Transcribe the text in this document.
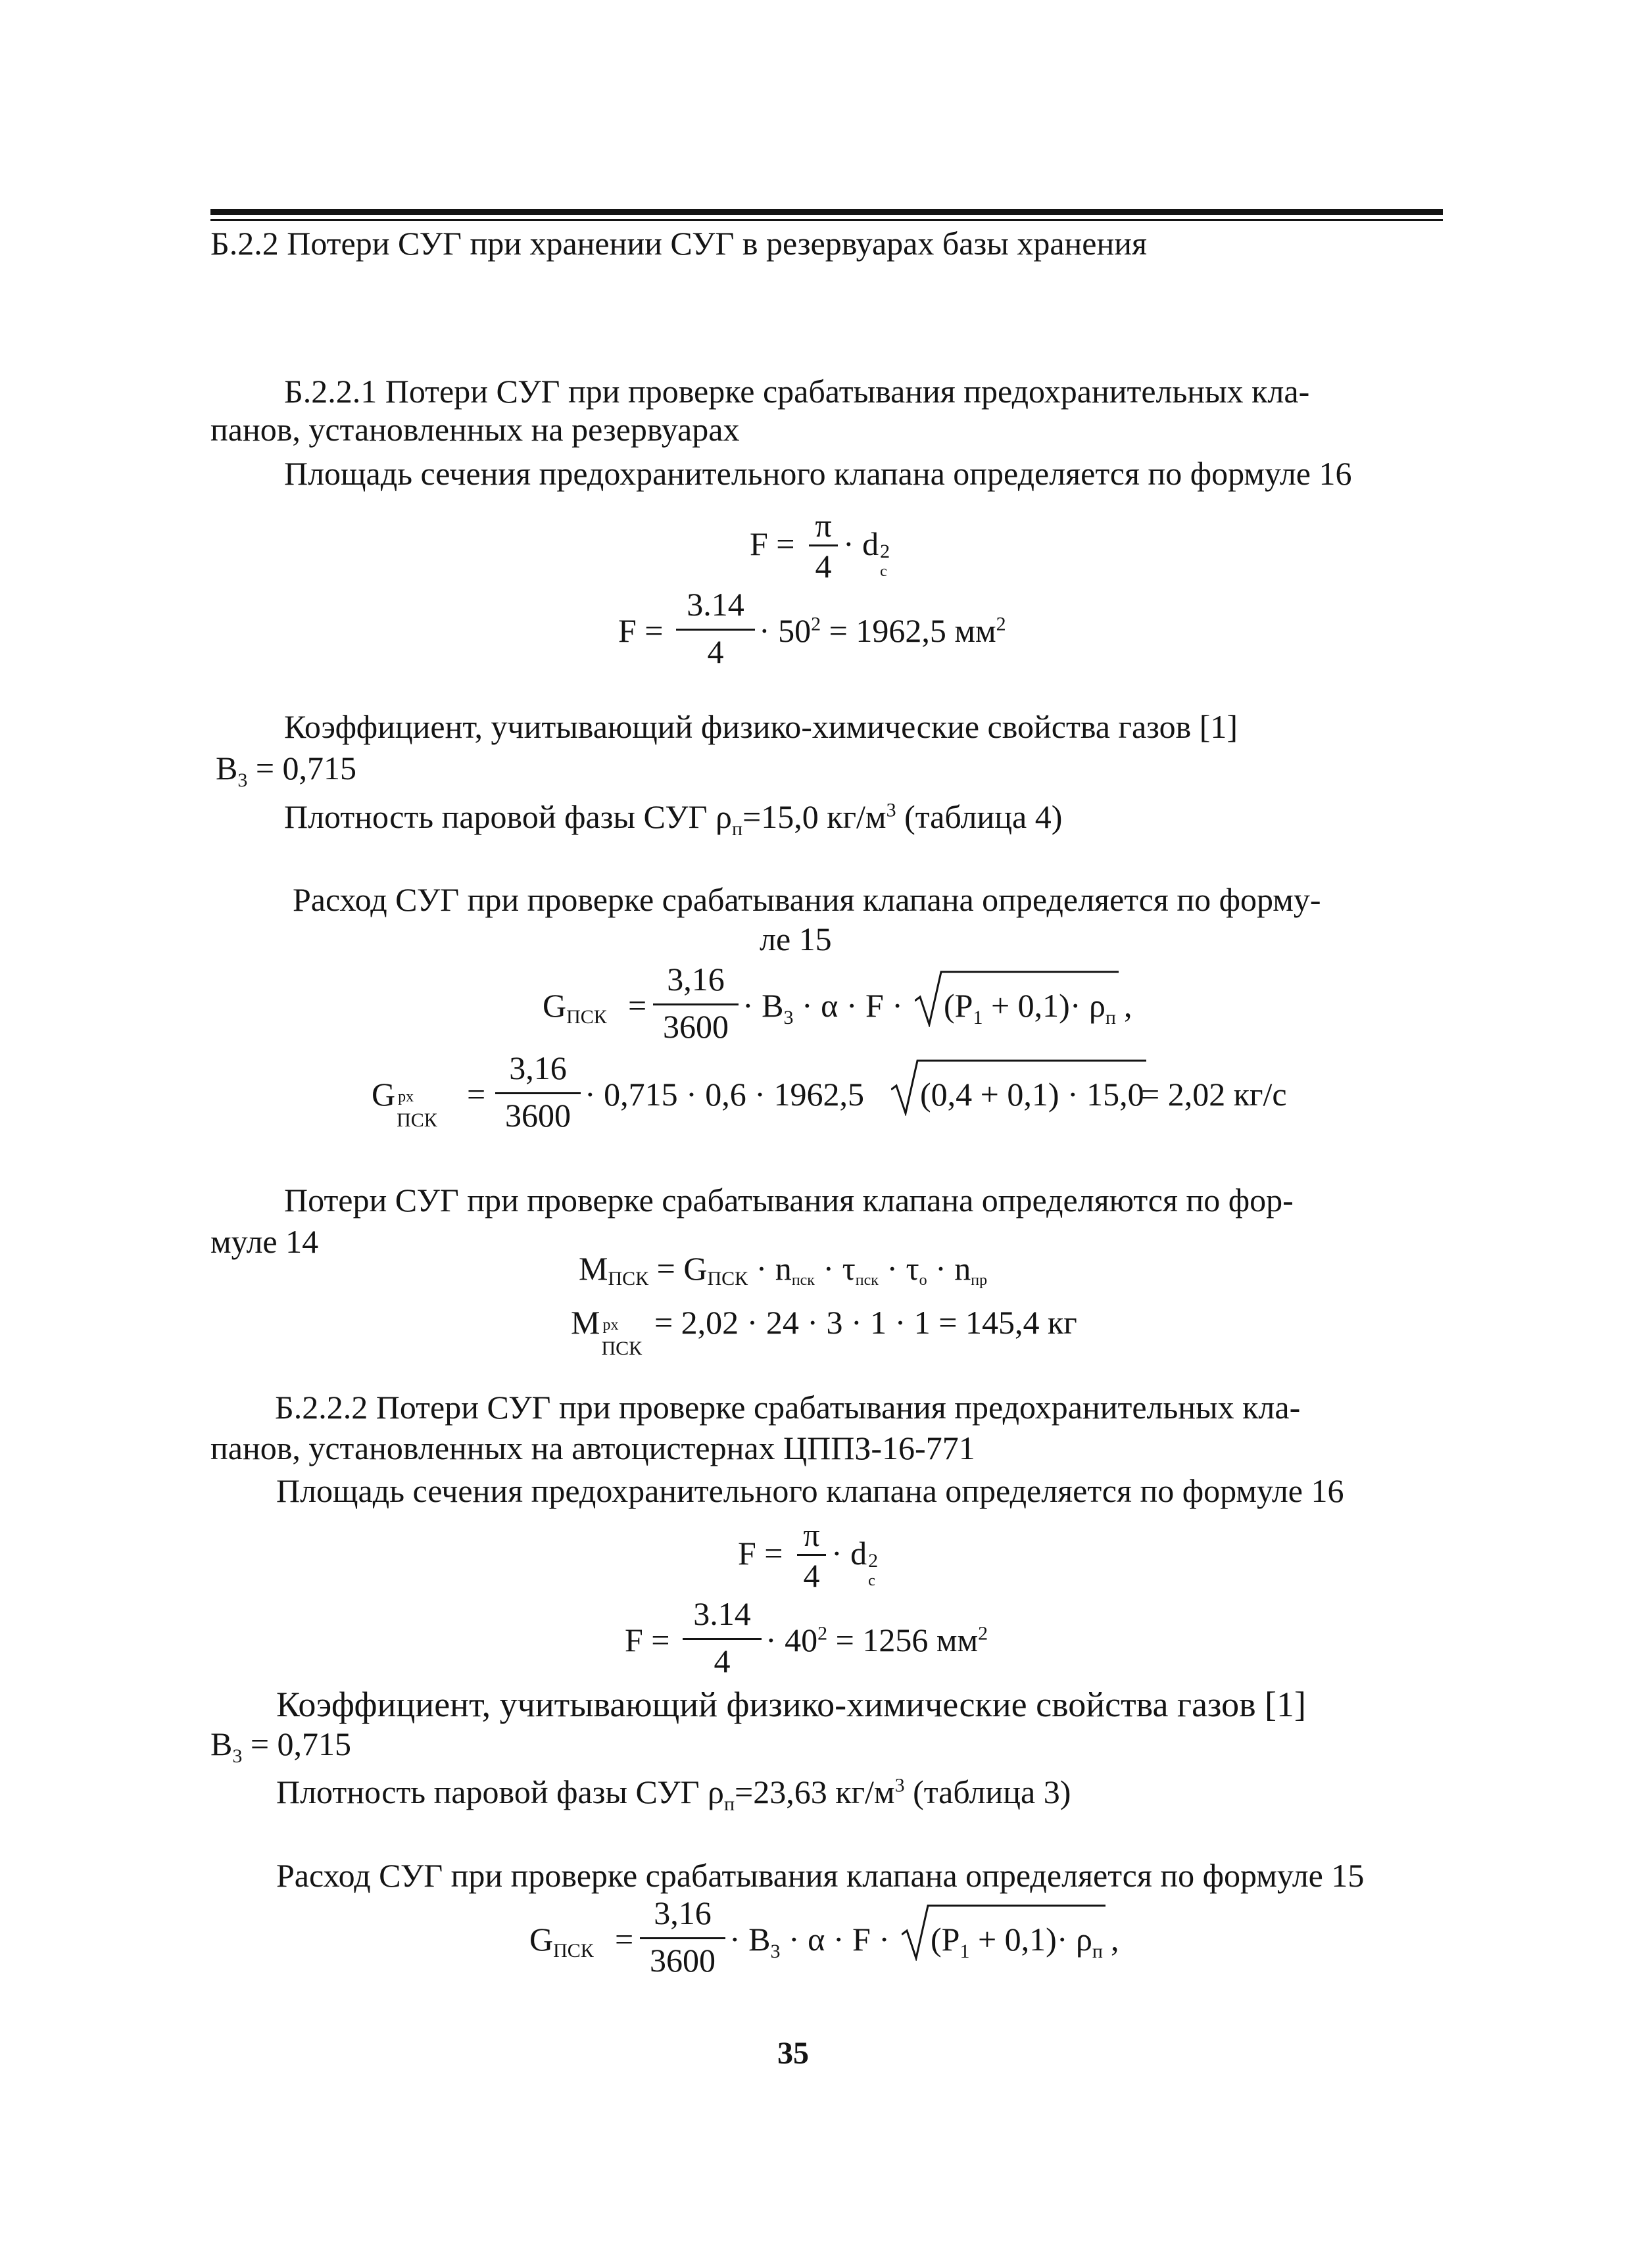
Б.2.2 Потери СУГ при хранении СУГ в резервуарах базы хранения
Б.2.2.1 Потери СУГ при проверке срабатывания предохранительных кла-
панов, установленных на резервуарах
Площадь сечения предохранительного клапана определяется по формуле 16
F = π
4
· d 2
c
F =
3.14
4
· $50^2 = 1962,5$ $мм^2$
Коэффициент, учитывающий физико-химические свойства газов [1]
$В_3 = 0,715$
Плотность паровой фазы СУГ $\rho_п=15,0$ $кг/м^3$ (таблица 4)
Расход СУГ при проверке срабатывания клапана определяется по форму-
ле 15
$G_{ПСК}$ =
3,16
3600
· $В_3 \cdot \alpha \cdot F \cdot (P_1 + 0,1)\cdot \rho_п$ ,
G рх
ПСК
=
3,16
3600
· 0,715 · 0,6 · 1962,5 (0,4 + 0,1) · 15,0
= 2,02 кг/с
Потери СУГ при проверке срабатывания клапана определяются по фор-
муле 14
МПСК = GПСК · nпск · τпск · τо · nпр
М рх
ПСК
= 2,02 · 24 · 3 · 1 · 1 = 145,4 кг
Б.2.2.2 Потери СУГ при проверке срабатывания предохранительных кла-
панов, установленных на автоцистернах ЦППЗ-16-771
Площадь сечения предохранительного клапана определяется по формуле 16
F = π
4
· d 2
c
F =
3.14
4
· $40^2 = 1256$ $мм^2$
Коэффициент, учитывающий физико-химические свойства газов [1]
$В_3 = 0,715$
Плотность паровой фазы СУГ $\rho_п=23,63$ $кг/м^3$ (таблица 3)
Расход СУГ при проверке срабатывания клапана определяется по формуле 15
$G_{ПСК}$ =
3,16
3600
· $В_3 \cdot \alpha \cdot F \cdot (P_1 + 0,1)\cdot \rho_п$ ,
35
